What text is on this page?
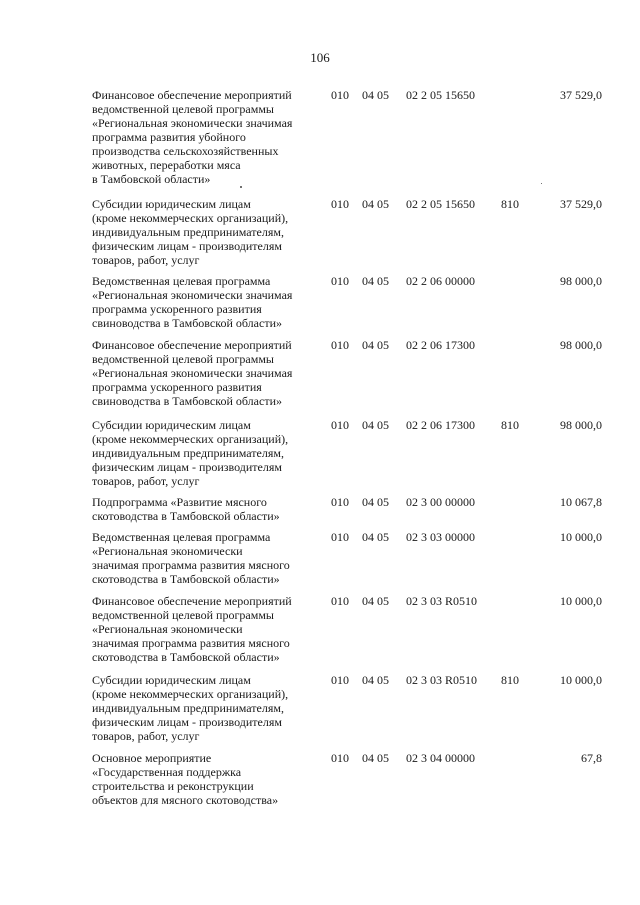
106
Финансовое обеспечение мероприятий
ведомственной целевой программы
«Региональная экономически значимая
программа развития убойного
производства сельскохозяйственных
животных, переработки мяса
в Тамбовской области»
010 04 05 02 2 05 15650	37 529,0
Субсидии юридическим лицам
(кроме некоммерческих организаций),
индивидуальным предпринимателям,
физическим лицам - производителям
товаров, работ, услуг
010 04 05 02 2 05 15650 810	37 529,0
Ведомственная целевая программа
«Региональная экономически значимая
программа ускоренного развития
свиноводства в Тамбовской области»
010 04 05 02 2 06 00000	98 000,0
Финансовое обеспечение мероприятий
ведомственной целевой программы
«Региональная экономически значимая
программа ускоренного развития
свиноводства в Тамбовской области»
010 04 05 02 2 06 17300	98 000,0
Субсидии юридическим лицам
(кроме некоммерческих организаций),
индивидуальным предпринимателям,
физическим лицам - производителям
товаров, работ, услуг
010 04 05 02 2 06 17300 810	98 000,0
Подпрограмма «Развитие мясного
скотоводства в Тамбовской области»
010 04 05 02 3 00 00000	10 067,8
Ведомственная целевая программа
«Региональная экономически
значимая программа развития мясного
скотоводства в Тамбовской области»
010 04 05 02 3 03 00000	10 000,0
Финансовое обеспечение мероприятий
ведомственной целевой программы
«Региональная экономически
значимая программа развития мясного
скотоводства в Тамбовской области»
010 04 05 02 3 03 R0510	10 000,0
Субсидии юридическим лицам
(кроме некоммерческих организаций),
индивидуальным предпринимателям,
физическим лицам - производителям
товаров, работ, услуг
010 04 05 02 3 03 R0510 810	10 000,0
Основное мероприятие
«Государственная поддержка
строительства и реконструкции
объектов для мясного скотоводства»
010 04 05 02 3 04 00000	67,8
